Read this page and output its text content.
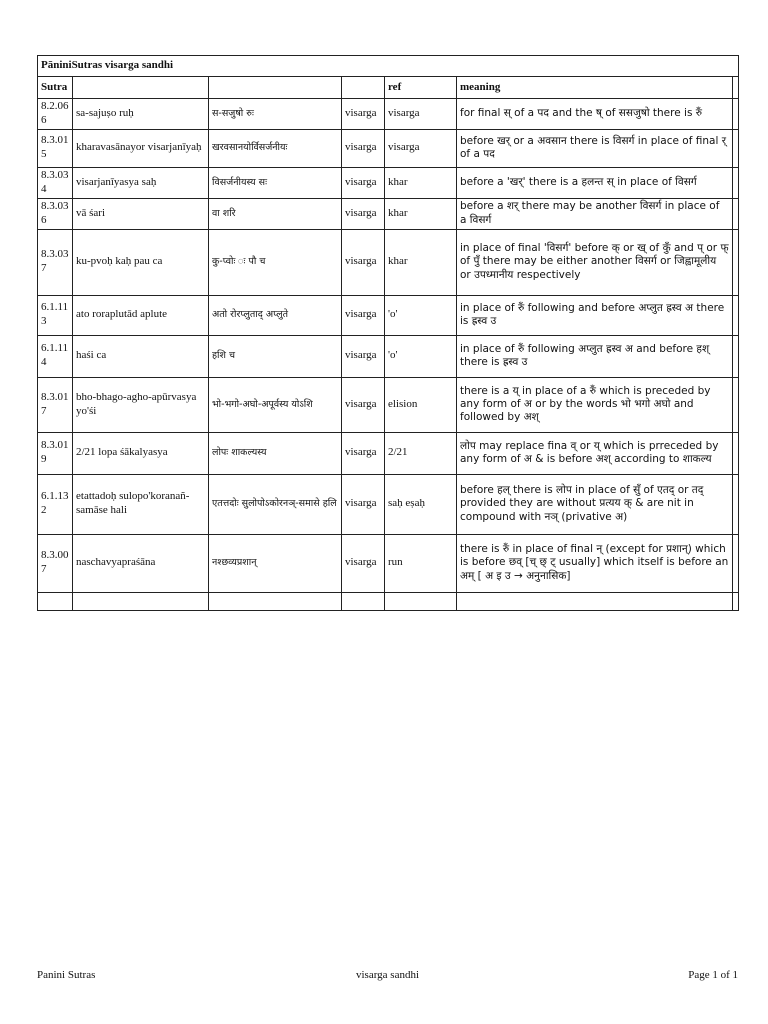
PāniniSutras visarga sandhi						
Sutra				ref	meaning	
8.2.066	sa-sajuṣo ruḥ	स-सजुषो रुः	visarga	visarga	for final स् of a पद and the ष् of ससजुषो there is रुँ	
8.3.015	kharavasānayor visarjanīyaḥ	खरवसानयोर्विसर्जनीयः	visarga	visarga	before खर् or a अवसान there is विसर्ग in place of final र् of a पद	
8.3.034	visarjanīyasya saḥ	विसर्जनीयस्य सः	visarga	khar	before a 'खर्' there is a हलन्त स् in place of विसर्ग	
8.3.036	vā śari	वा शरि	visarga	khar	before a शर् there may be another विसर्ग in place of a विसर्ग	
8.3.037	ku-pvoḥ kaḥ pau ca	कु-प्वोः ः पौ च	visarga	khar	in place of final 'विसर्ग' before क् or ख् of कुँ and प् or फ् of पुँ there may be either another विसर्ग or जिह्वामूलीय or उपध्मानीय respectively	
6.1.113	ato roraplutād aplute	अतो रोरप्लुताद् अप्लुते	visarga	'o'	in place of रुँ following and before अप्लुत ह्रस्व अ there is ह्रस्व उ	
6.1.114	haśi ca	हशि च	visarga	'o'	in place of रुँ following अप्लुत ह्रस्व अ and before हश् there is ह्रस्व उ	
8.3.017	bho-bhago-agho-apūrvasya yo'śi	भो-भगो-अघो-अपूर्वस्य योऽशि	visarga	elision	there is a य् in place of a रुँ which is preceded by any form of अ or by the words भो भगो अघो and followed by अश्	
8.3.019	2/21 lopa śākalyasya	लोपः शाकल्यस्य	visarga	2/21	लोप may replace fina व् or य् which is prreceded by any form of अ & is before अश् according to शाकल्य	
6.1.132	etattadoḥ sulopo'koranañ-samāse hali	एतत्तदोः सुलोपोऽकोरनञ्-समासे हलि	visarga	saḥ eṣaḥ	before हल् there is लोप in place of सुँ of एतद् or तद् provided they are without प्रत्यय क् & are nit in compound with नञ् (privative अ)	
8.3.007	naschavyapraśāna	नश्छव्यप्रशान्	visarga	run	there is रुँ in place of final न् (except for प्रशान्) which is before छव् [च् छ् ट् usually] which itself is before an अम् [ अ इ उ → अनुनासिक]	

Panini Sutras	visarga sandhi	Page 1 of 1
